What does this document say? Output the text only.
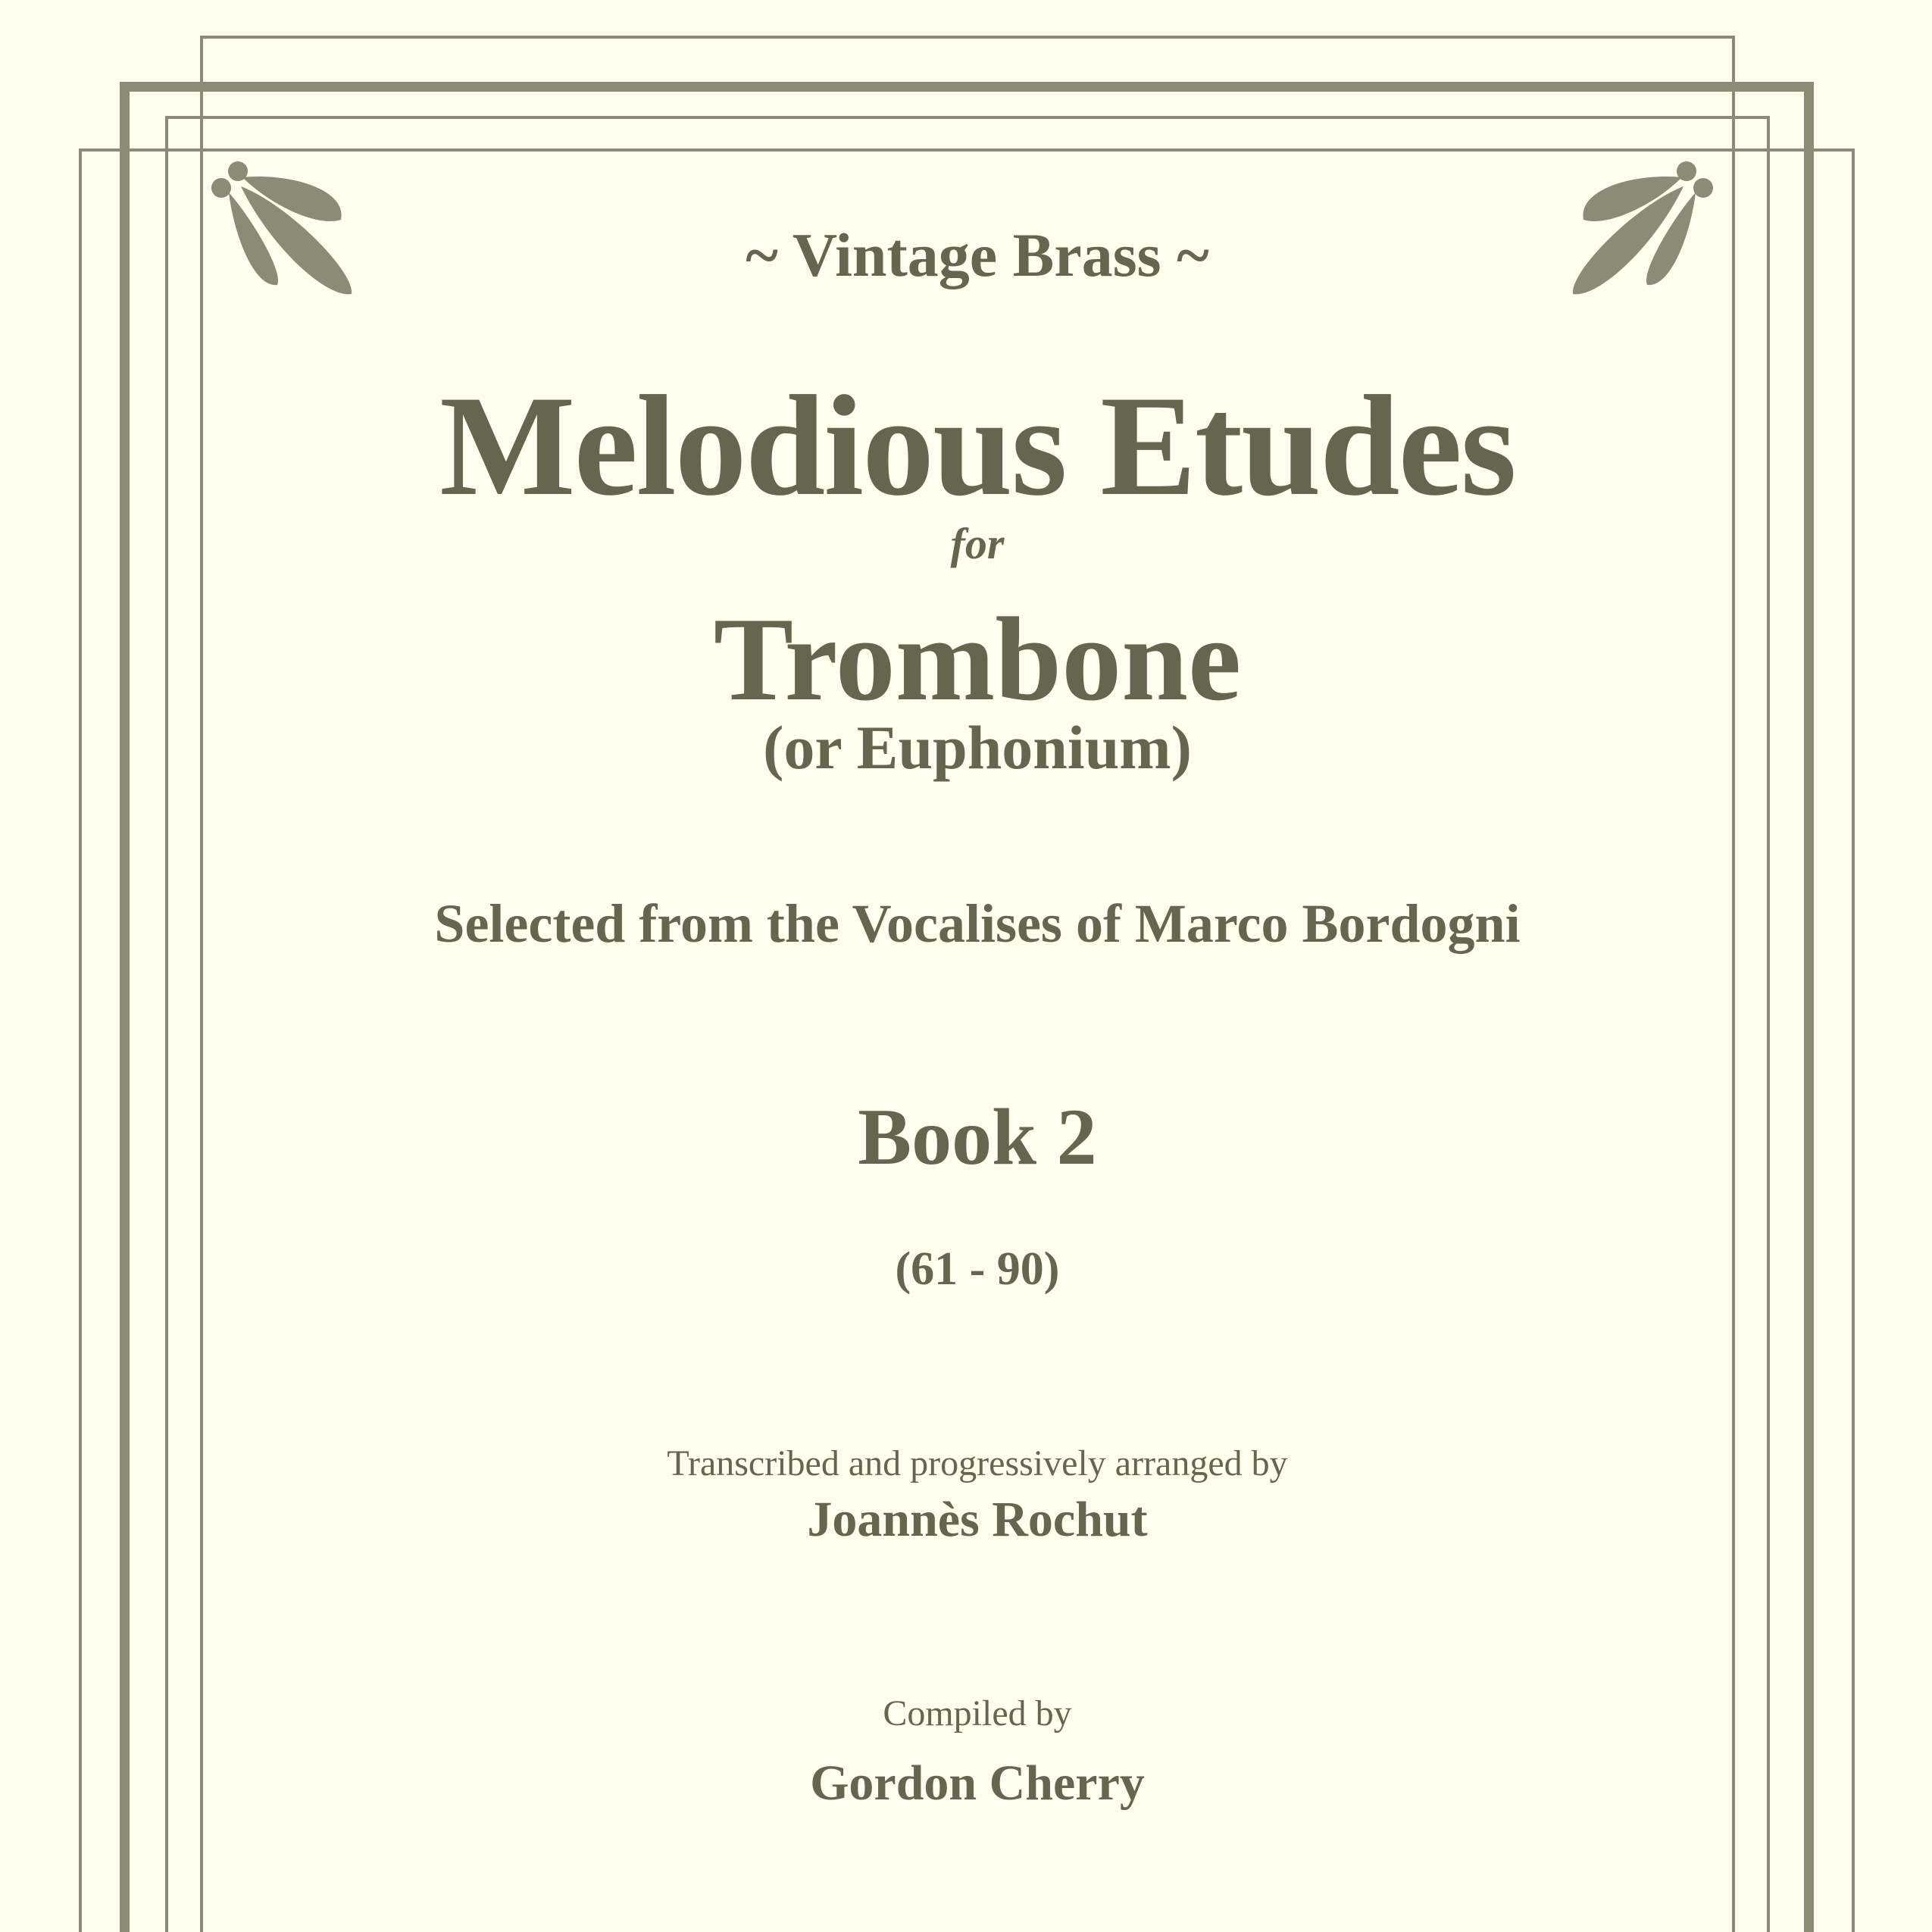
~ Vintage Brass ~
Melodious Etudes
for
Trombone
(or Euphonium)
Selected from the Vocalises of Marco Bordogni
Book 2
(61 - 90)
Transcribed and progressively arranged by
Joannès Rochut
Compiled by
Gordon Cherry
